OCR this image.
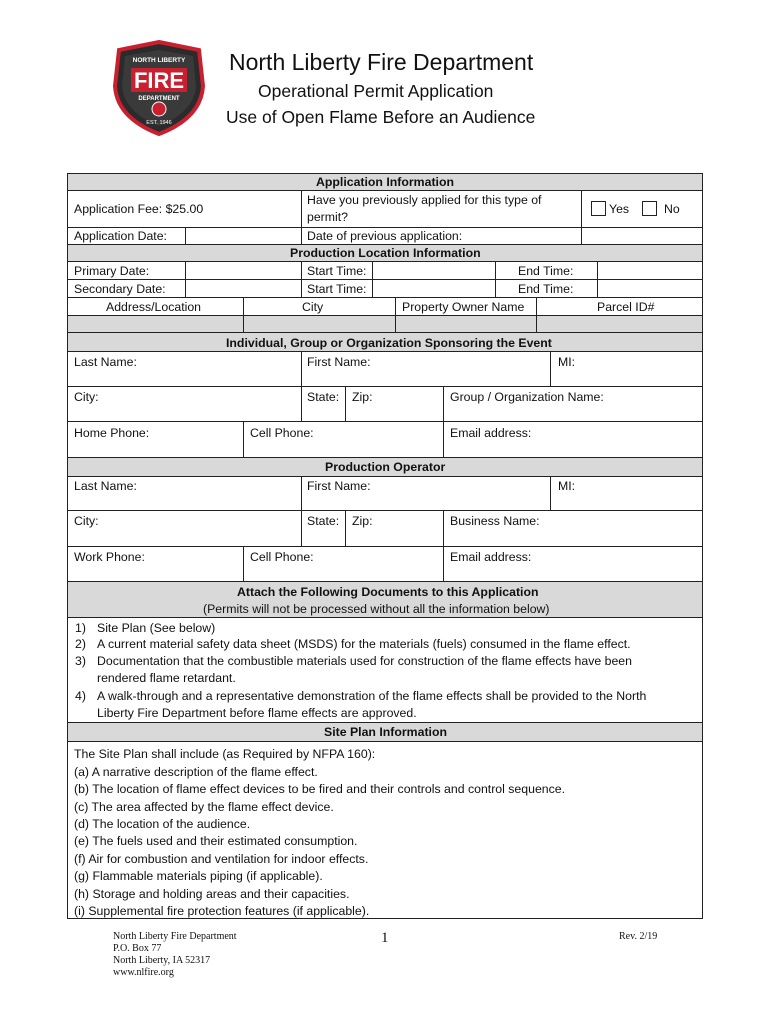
NORTH LIBERTY
FIRE
DEPARTMENT
EST. 1946
North Liberty Fire Department
Operational Permit Application
Use of Open Flame Before an Audience
Application Information
Application Fee: $25.00
Have you previously applied for this type of
permit?
Yes	No
Application Date:	Date of previous application:
Production Location Information
Primary Date:	Start Time:	End Time:
Secondary Date:	Start Time:	End Time:
Address/Location	City	Property Owner Name	Parcel ID#
Individual, Group or Organization Sponsoring the Event
Last Name:	First Name:	MI:
City:	State: Zip:	Group / Organization Name:
Home Phone:	Cell Phone:	Email address:
Production Operator
Last Name:	First Name:	MI:
City:	State: Zip:	Business Name:
Work Phone:	Cell Phone:	Email address:
Attach the Following Documents to this Application
(Permits will not be processed without all the information below)
1) Site Plan (See below)
2) A current material safety data sheet (MSDS) for the materials (fuels) consumed in the flame effect.
3) Documentation that the combustible materials used for construction of the flame effects have been
rendered flame retardant.
4) A walk-through and a representative demonstration of the flame effects shall be provided to the North
Liberty Fire Department before flame effects are approved.
Site Plan Information
The Site Plan shall include (as Required by NFPA 160):
(a) A narrative description of the flame effect.
(b) The location of flame effect devices to be fired and their controls and control sequence.
(c) The area affected by the flame effect device.
(d) The location of the audience.
(e) The fuels used and their estimated consumption.
(f) Air for combustion and ventilation for indoor effects.
(g) Flammable materials piping (if applicable).
(h) Storage and holding areas and their capacities.
(i) Supplemental fire protection features (if applicable).
North Liberty Fire Department
P.O. Box 77
North Liberty, IA 52317
www.nlfire.org
1	Rev. 2/19
